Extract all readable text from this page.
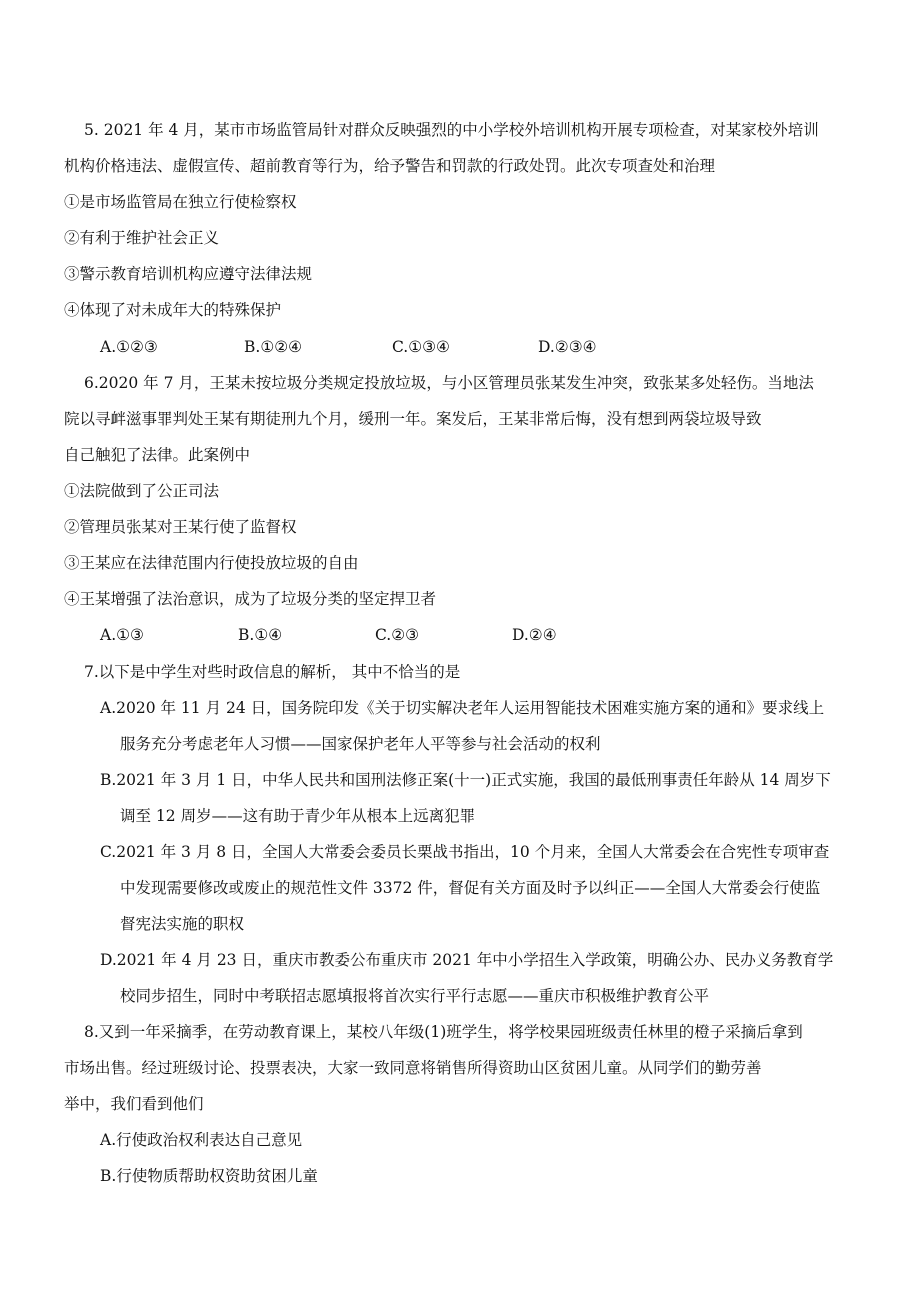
5. 2021 年 4 月，某市市场监管局针对群众反映强烈的中小学校外培训机构开展专项检查，对某家校外培训
机构价格违法、虚假宣传、超前教育等行为，给予警告和罚款的行政处罚。此次专项查处和治理
①是市场监管局在独立行使检察权
②有利于维护社会正义
③警示教育培训机构应遵守法律法规
④体现了对未成年大的特殊保护
A.①②③	B.①②④	C.①③④	D.②③④
6.2020 年 7 月，王某未按垃圾分类规定投放垃圾，与小区管理员张某发生冲突，致张某多处轻伤。当地法
院以寻衅滋事罪判处王某有期徒刑九个月，缓刑一年。案发后，王某非常后悔，没有想到两袋垃圾导致
自己触犯了法律。此案例中
①法院做到了公正司法
②管理员张某对王某行使了监督权
③王某应在法律范围内行使投放垃圾的自由
④王某增强了法治意识，成为了垃圾分类的坚定捍卫者
A.①③	B.①④	C.②③	D.②④
7.以下是中学生对些时政信息的解析， 其中不恰当的是
A.2020 年 11 月 24 日，国务院印发《关于切实解决老年人运用智能技术困难实施方案的通和》要求线上
服务充分考虑老年人习惯——国家保护老年人平等参与社会活动的权利
B.2021 年 3 月 1 日，中华人民共和国刑法修正案(十一)正式实施，我国的最低刑事责任年龄从 14 周岁下
调至 12 周岁——这有助于青少年从根本上远离犯罪
C.2021 年 3 月 8 日，全国人大常委会委员长栗战书指出，10 个月来，全国人大常委会在合宪性专项审查
中发现需要修改或废止的规范性文件 3372 件，督促有关方面及时予以纠正——全国人大常委会行使监
督宪法实施的职权
D.2021 年 4 月 23 日，重庆市教委公布重庆市 2021 年中小学招生入学政策，明确公办、民办义务教育学
校同步招生，同时中考联招志愿填报将首次实行平行志愿——重庆市积极维护教育公平
8.又到一年采摘季，在劳动教育课上，某校八年级(1)班学生，将学校果园班级责任林里的橙子采摘后拿到
市场出售。经过班级讨论、投票表决，大家一致同意将销售所得资助山区贫困儿童。从同学们的勤劳善
举中，我们看到他们
A.行使政治权利表达自己意见
B.行使物质帮助权资助贫困儿童
